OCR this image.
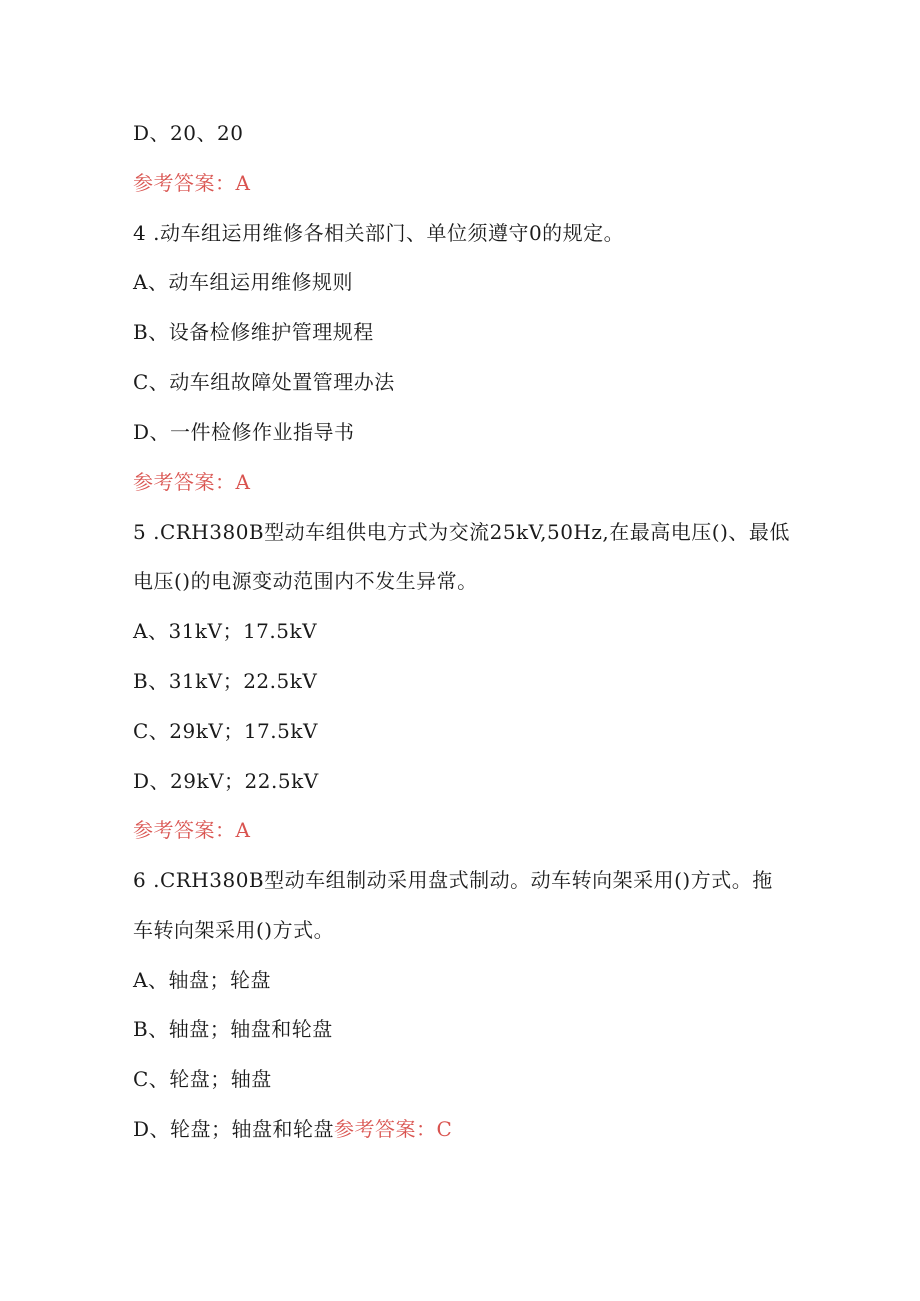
D、20、20
参考答案：A
4 .动车组运用维修各相关部门、单位须遵守0的规定。
A、动车组运用维修规则
B、设备检修维护管理规程
C、动车组故障处置管理办法
D、一件检修作业指导书
参考答案：A
5 .CRH380B型动车组供电方式为交流25kV,50Hz,在最高电压()、最低
电压()的电源变动范围内不发生异常。
A、31kV；17.5kV
B、31kV；22.5kV
C、29kV；17.5kV
D、29kV；22.5kV
参考答案：A
6 .CRH380B型动车组制动采用盘式制动。动车转向架采用()方式。拖
车转向架采用()方式。
A、轴盘；轮盘
B、轴盘；轴盘和轮盘
C、轮盘；轴盘
D、轮盘；轴盘和轮盘参考答案：C
